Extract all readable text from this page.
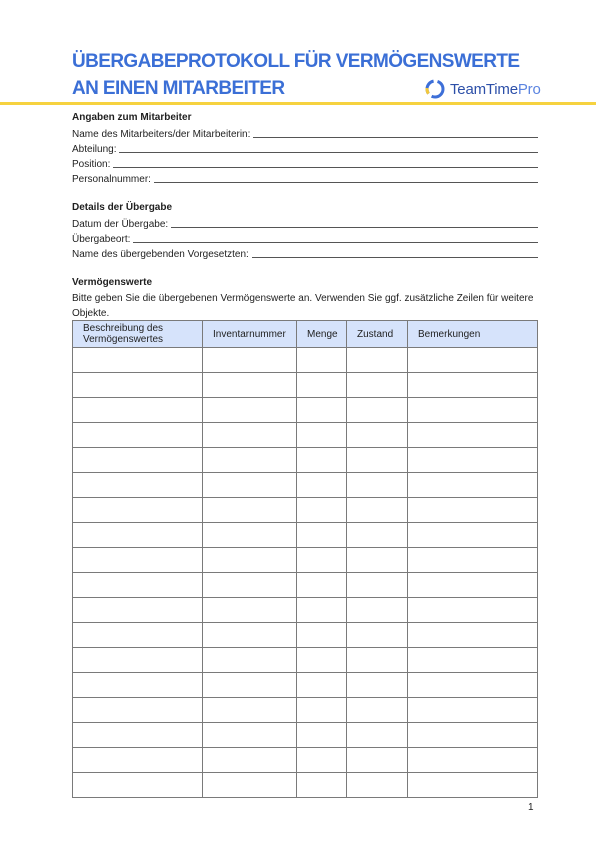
ÜBERGABEPROTOKOLL FÜR VERMÖGENSWERTE
AN EINEN MITARBEITER	TeamTimePro
Angaben zum Mitarbeiter
Name des Mitarbeiters/der Mitarbeiterin:
Abteilung:
Position:
Personalnummer:
Details der Übergabe
Datum der Übergabe:
Übergabeort:
Name des übergebenden Vorgesetzten:
Vermögenswerte
Bitte geben Sie die übergebenen Vermögenswerte an. Verwenden Sie ggf. zusätzliche Zeilen für weitere Objekte.
Beschreibung des Vermögenswertes	Inventarnummer	Menge	Zustand	Bemerkungen

1
